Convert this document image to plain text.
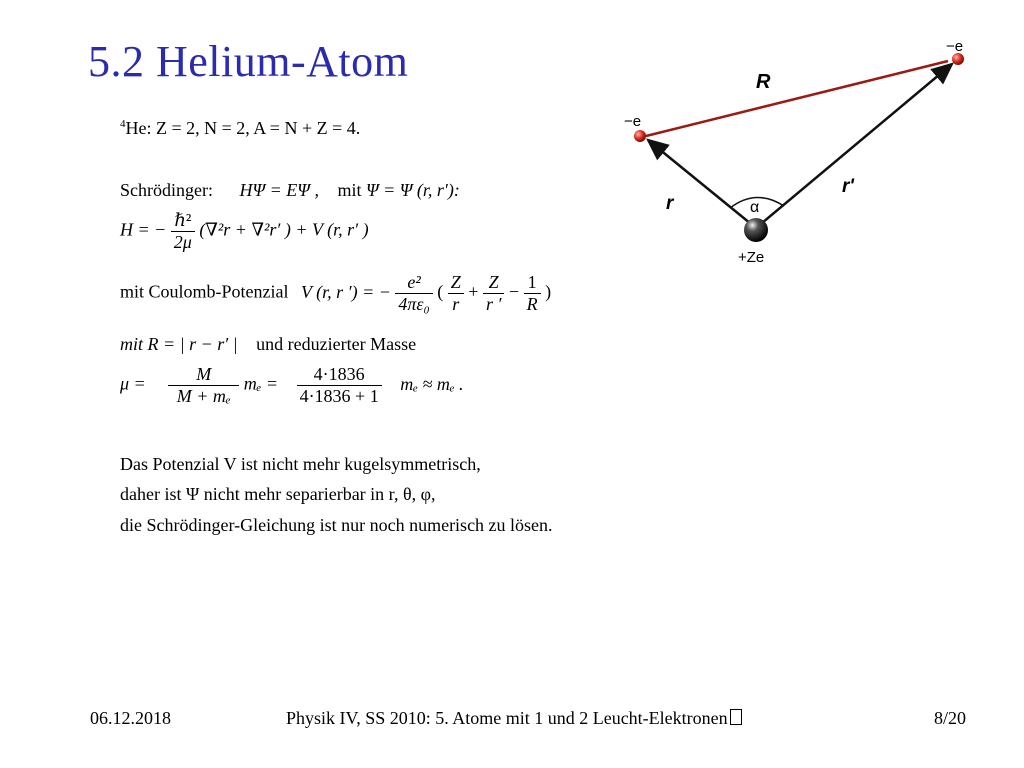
5.2 Helium-Atom
$^4$He: Z = 2, N = 2, A = N + Z = 4.
Schrödinger: HΨ = EΨ , mit Ψ = Ψ (r, r′):
H = − $\frac{\text{ℏ²}}{2\mu} (\nabla^2r + \nabla^2r'$ ) + V (r, r′ )
mit Coulomb-Potenzial V (r, r ′) = − $\frac{\text{e²}}{\text{4πε₀}}$ ( $\frac{Z}{r} + \frac{Z}{r '} - \frac{1}{R}$ )
mit R = | r − r′ | und reduzierter Masse
$\mu = \frac{M}{\text{M + mₑ}}$ $m_e = \frac{4\cdot 1836}{4\cdot 1836 + 1}$ mₑ ≈ mₑ .
Das Potenzial V ist nicht mehr kugelsymmetrisch,
daher ist Ψ nicht mehr separierbar in r, θ, φ,
die Schrödinger-Gleichung ist nur noch numerisch zu lösen.
−e
−e
R
r
r'
α
+Ze
06.12.2018	Physik IV, SS 2010: 5. Atome mit 1 und 2 Leucht-Elektronen	8/20
